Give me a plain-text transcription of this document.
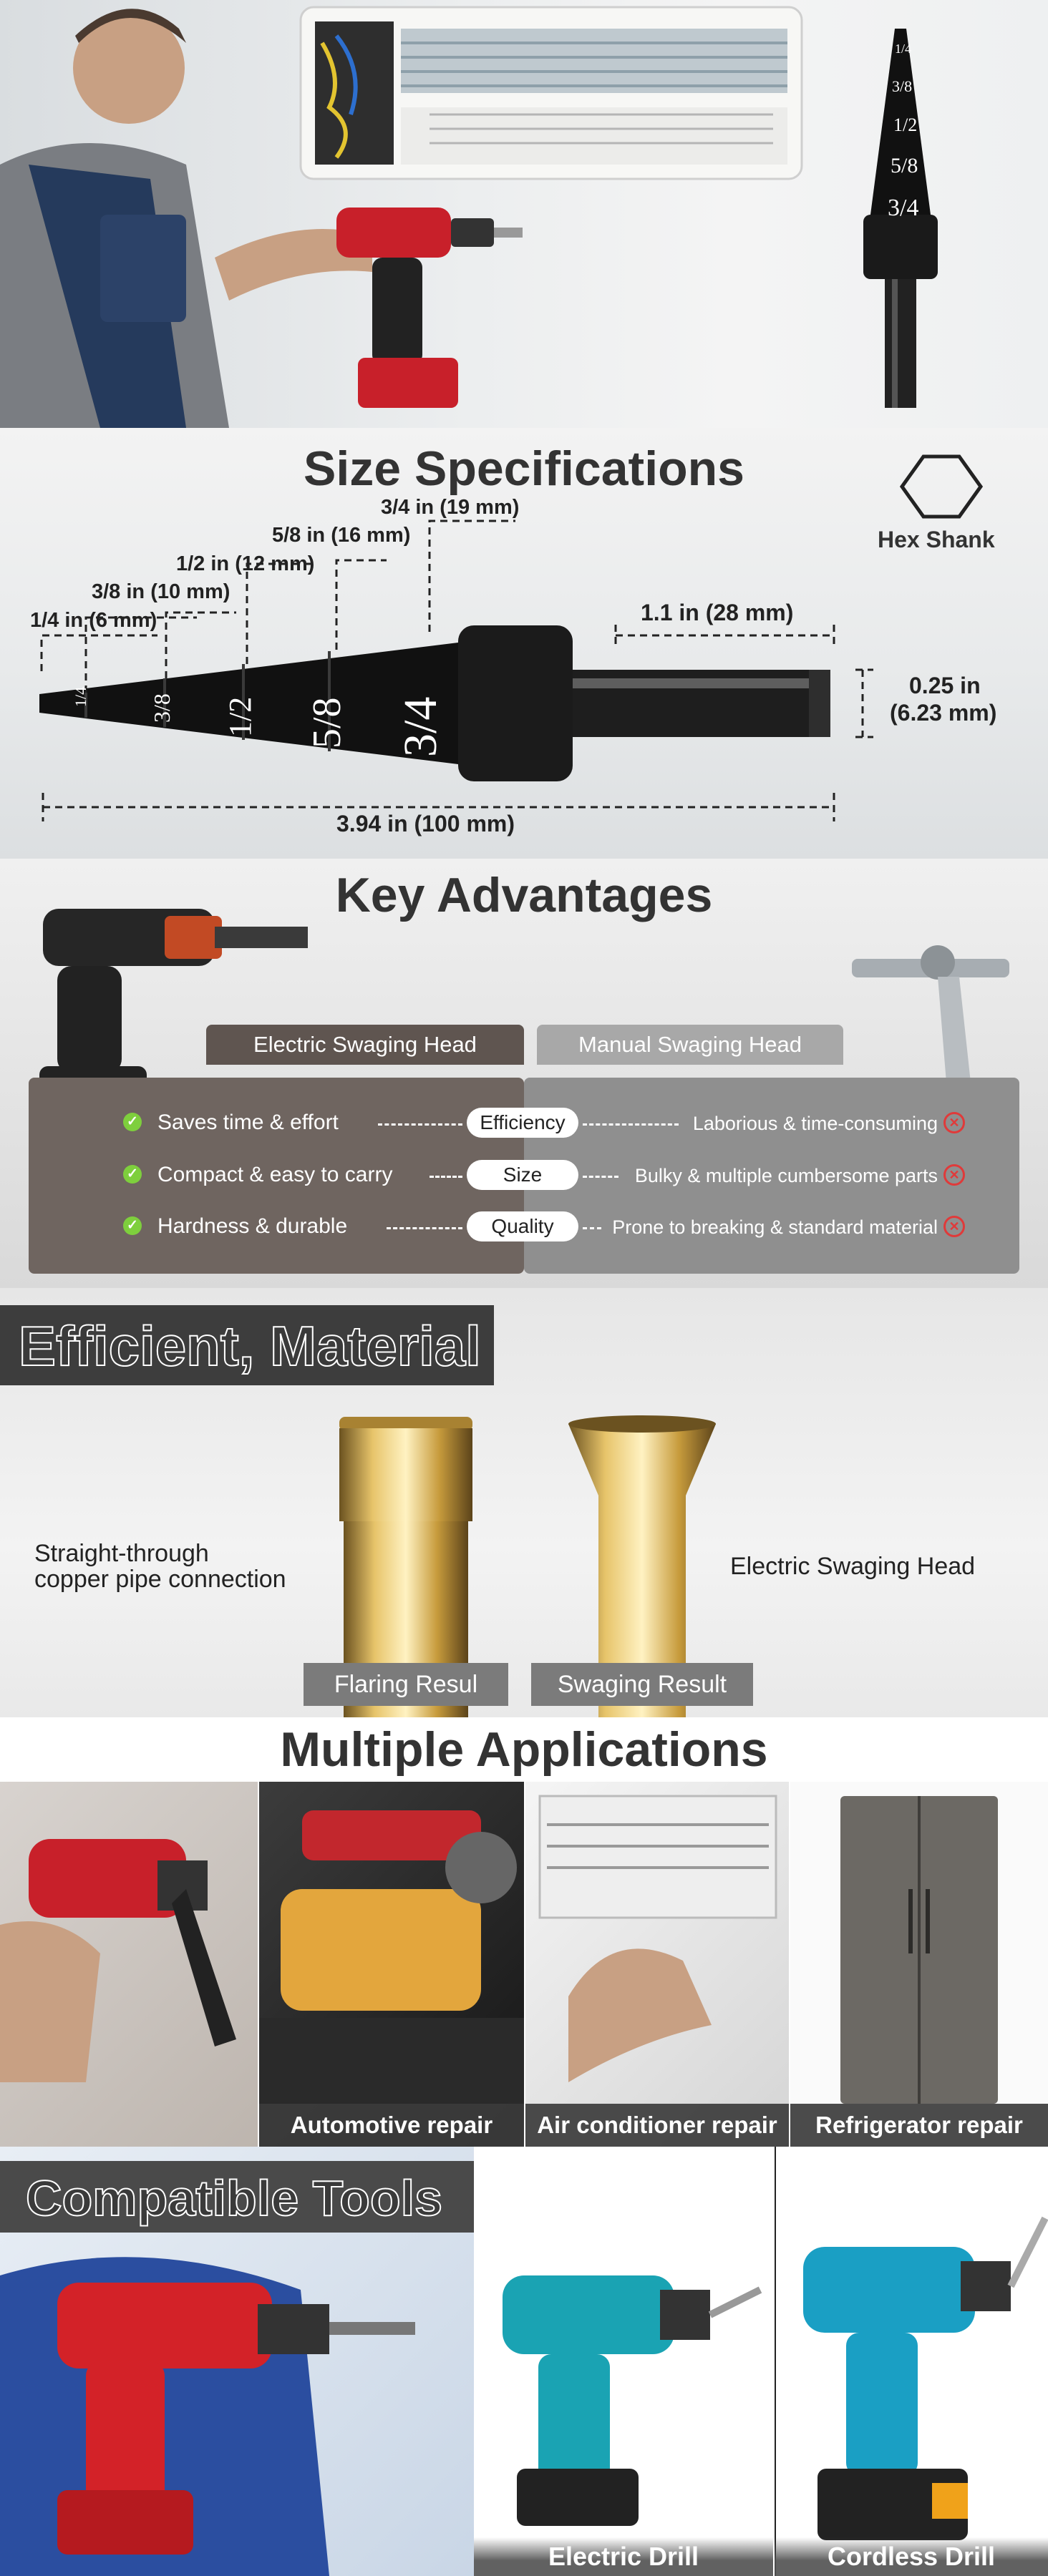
1/4
3/8
1/2
5/8
3/4
Size Specifications
1/4 in (6 mm)
3/8 in (10 mm)
1/2 in (12 mm)
5/8 in (16 mm)
3/4 in (19 mm)
1.1 in (28 mm)
0.25 in
(6.23 mm)
3.94 in (100 mm)
Hex Shank
1/4	3/8 1/2 5/8 3/4
Key Advantages
Electric Swaging Head	Manual Swaging Head
✓ Saves time & effort	Efficiency	Laborious & time-consuming ✕
✓ Compact & easy to carry	Size	Bulky & multiple cumbersome parts ✕
✓ Hardness & durable	Quality	Prone to breaking & standard material ✕
Efficient, Material
Straight-through
copper pipe connection	Electric Swaging Head
Flaring Resul	Swaging Result
Multiple Applications
Automotive repair	Air conditioner repair	Refrigerator repair
Compatible Tools
Electric Drill	Cordless Drill
